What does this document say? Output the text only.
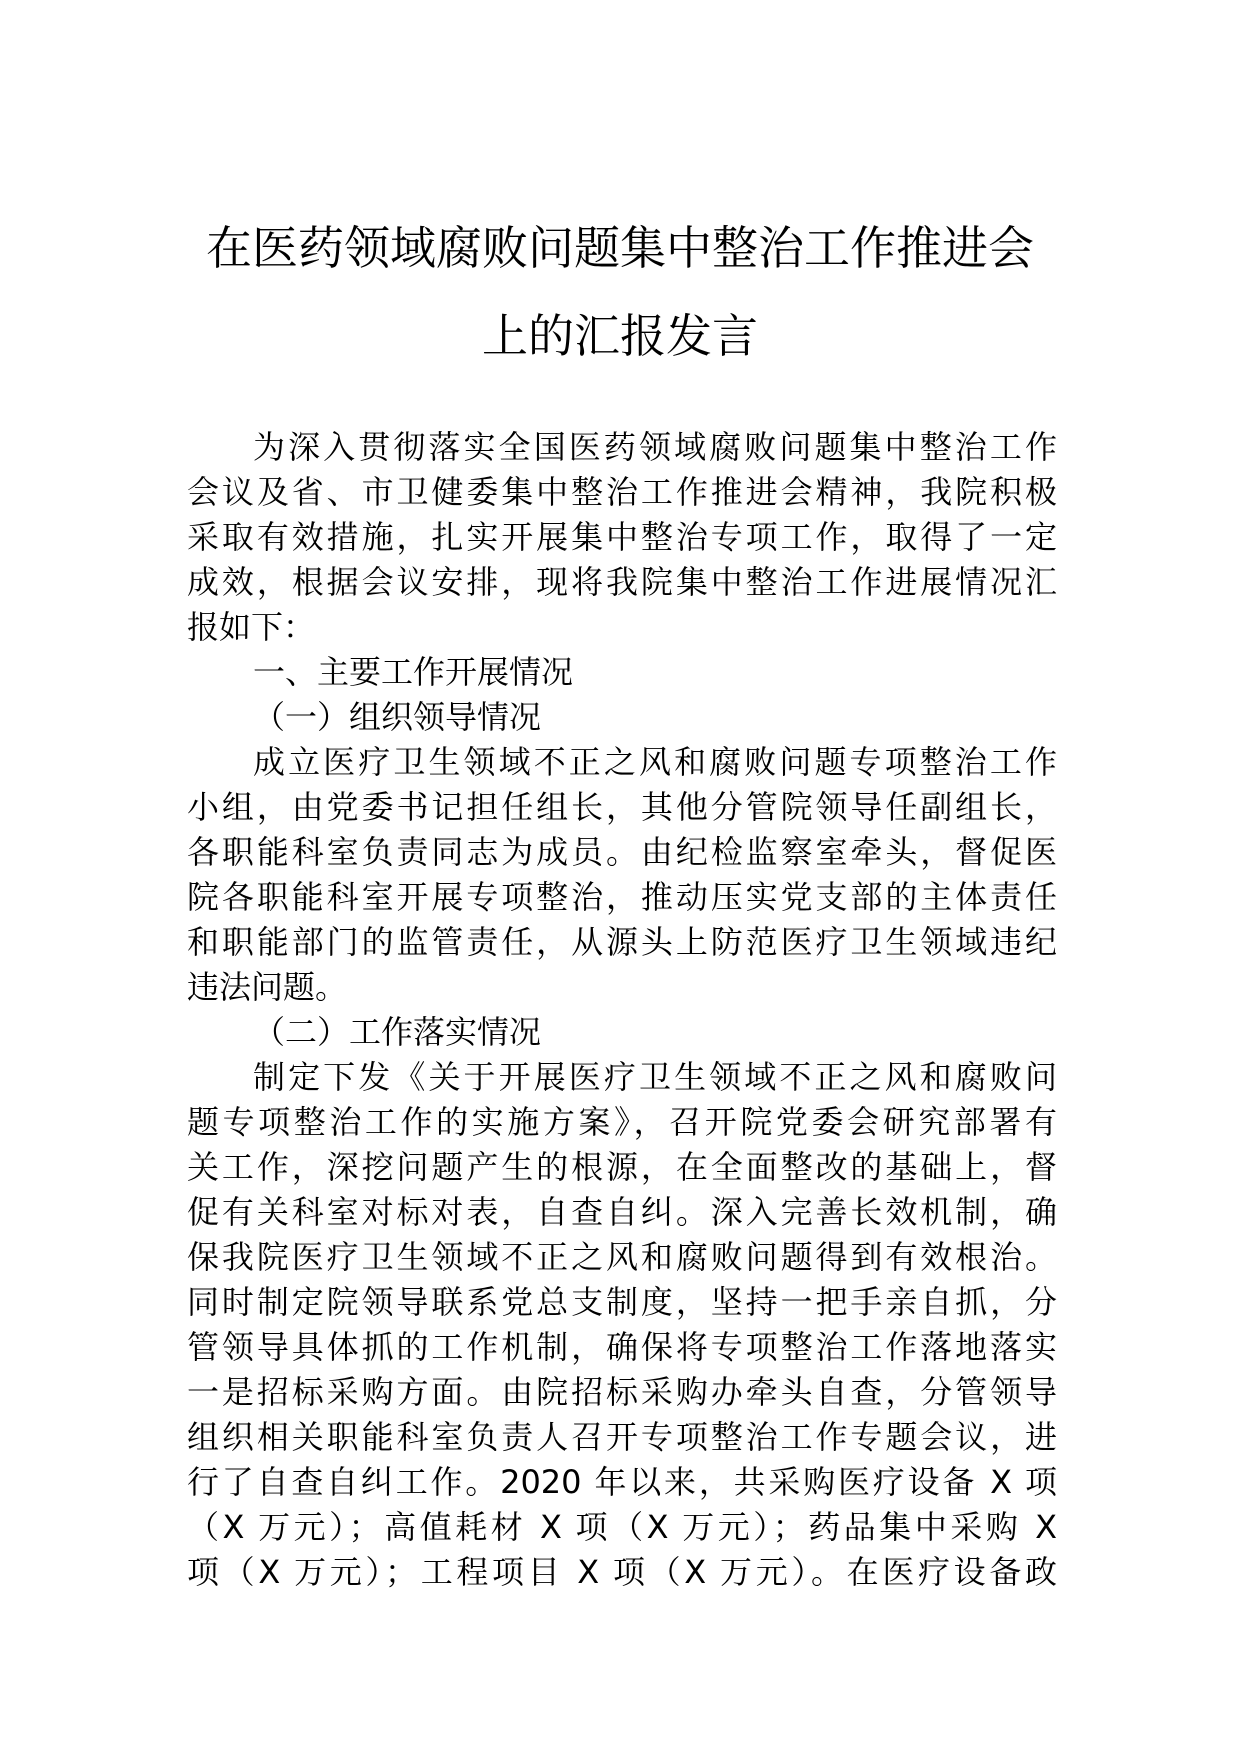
在医药领域腐败问题集中整治工作推进会
上的汇报发言
为深入贯彻落实全国医药领域腐败问题集中整治工作
会议及省、市卫健委集中整治工作推进会精神，我院积极
采取有效措施，扎实开展集中整治专项工作，取得了一定
成效，根据会议安排，现将我院集中整治工作进展情况汇
报如下：
一、主要工作开展情况
（一）组织领导情况
成立医疗卫生领域不正之风和腐败问题专项整治工作
小组，由党委书记担任组长，其他分管院领导任副组长，
各职能科室负责同志为成员。由纪检监察室牵头，督促医
院各职能科室开展专项整治，推动压实党支部的主体责任
和职能部门的监管责任，从源头上防范医疗卫生领域违纪
违法问题。
（二）工作落实情况
制定下发《关于开展医疗卫生领域不正之风和腐败问
题专项整治工作的实施方案》，召开院党委会研究部署有
关工作，深挖问题产生的根源，在全面整改的基础上，督
促有关科室对标对表，自查自纠。深入完善长效机制，确
保我院医疗卫生领域不正之风和腐败问题得到有效根治。
同时制定院领导联系党总支制度，坚持一把手亲自抓，分
管领导具体抓的工作机制，确保将专项整治工作落地落实
一是招标采购方面。由院招标采购办牵头自查，分管领导
组织相关职能科室负责人召开专项整治工作专题会议，进
行了自查自纠工作。2020 年以来，共采购医疗设备 X 项
（X 万元）；高值耗材 X 项（X 万元）；药品集中采购 X
项（X 万元）；工程项目 X 项（X 万元）。在医疗设备政
